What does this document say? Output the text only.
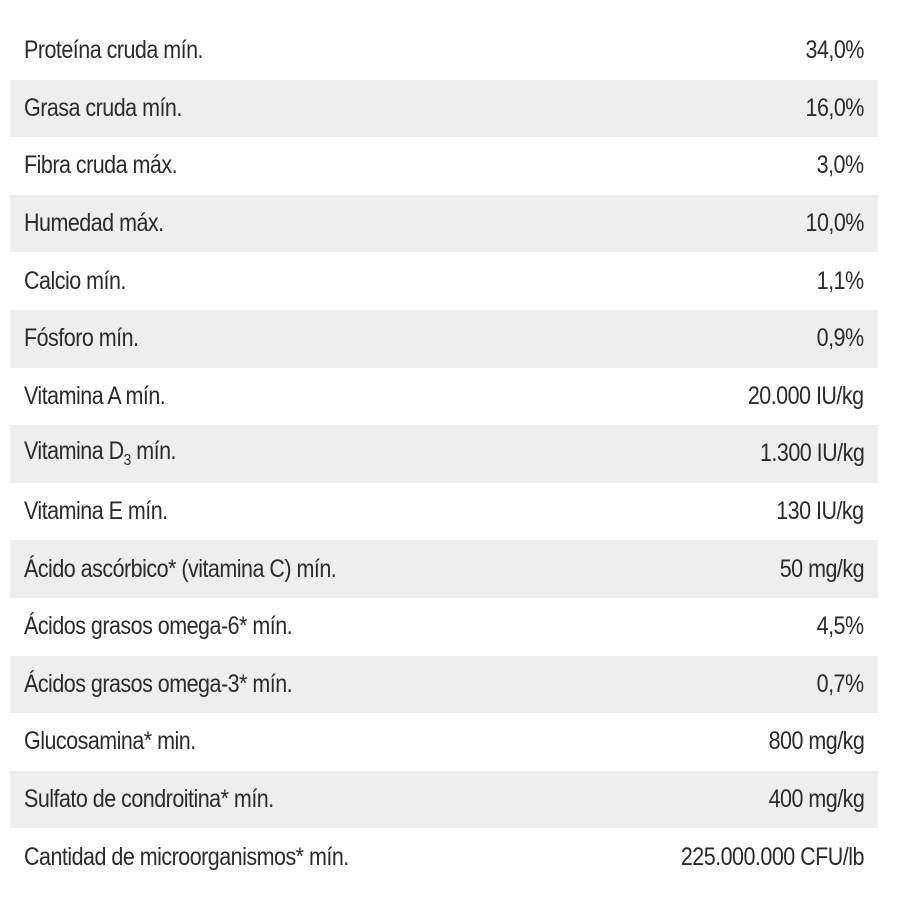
Proteína cruda mín.	34,0%
Grasa cruda mín.	16,0%
Fibra cruda máx.	3,0%
Humedad máx.	10,0%
Calcio mín.	1,1%
Fósforo mín.	0,9%
Vitamina A mín.	20.000 IU/kg
Vitamina $D_3$ mín.	1.300 IU/kg
Vitamina E mín.	130 IU/kg
Ácido ascórbico* (vitamina C) mín.	50 mg/kg
Ácidos grasos omega-6* mín.	4,5%
Ácidos grasos omega-3* mín.	0,7%
Glucosamina* min.	800 mg/kg
Sulfato de condroitina* mín.	400 mg/kg
Cantidad de microorganismos* mín.	225.000.000 CFU/lb
